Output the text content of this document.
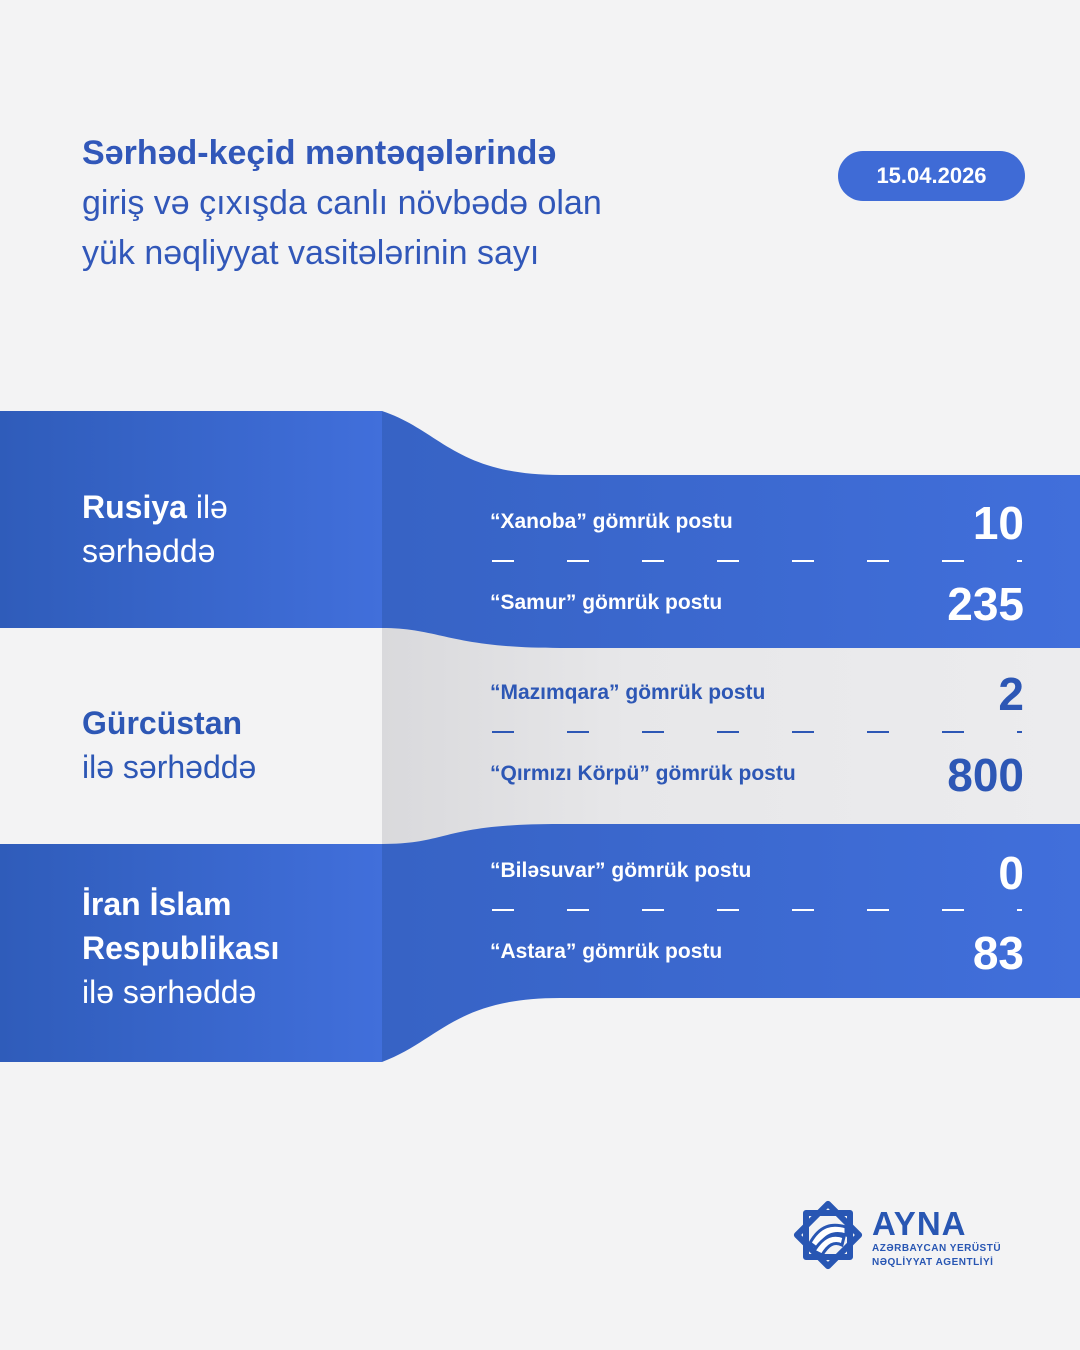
Sərhəd-keçid məntəqələrində
giriş və çıxışda canlı növbədə olan
yük nəqliyyat vasitələrinin sayı
15.04.2026
Rusiya ilə
sərhəddə
“Xanoba” gömrük postu	10
“Samur” gömrük postu	235
Gürcüstan
ilə sərhəddə
“Mazımqara” gömrük postu	2
“Qırmızı Körpü” gömrük postu	800
İran İslam
Respublikası
ilə sərhəddə
“Biləsuvar” gömrük postu	0
“Astara” gömrük postu	83
AYNA
AZƏRBAYCAN YERÜSTÜ
NƏQLİYYAT AGENTLİYİ
